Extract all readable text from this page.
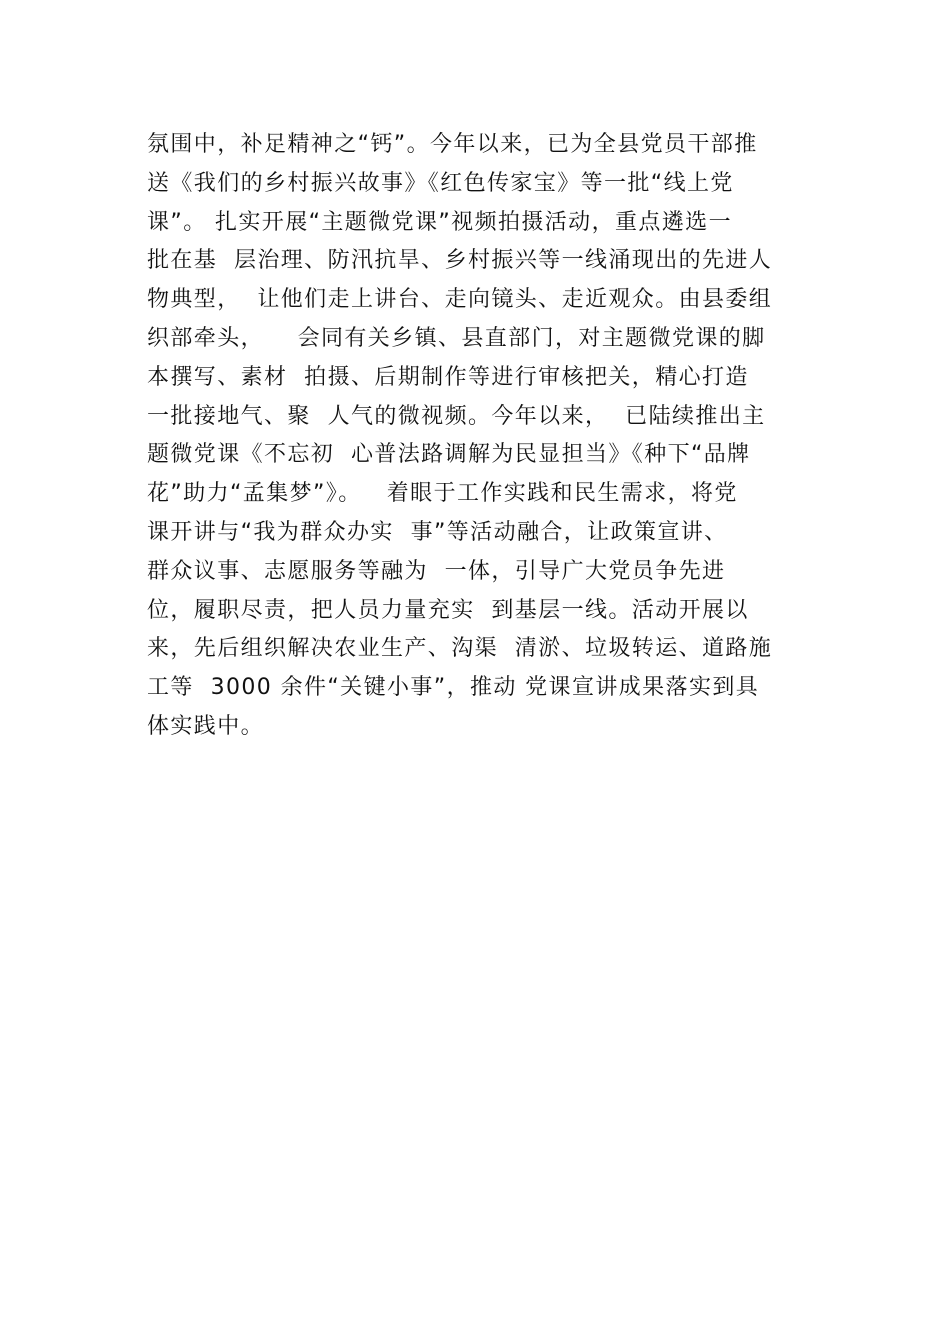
氛围中，补足精神之“钙”。今年以来，已为全县党员干部推
送《我们的乡村振兴故事》《红色传家宝》等一批“线上党
课”。 扎实开展“主题微党课”视频拍摄活动，重点遴选一
批在基  层治理、防汛抗旱、乡村振兴等一线涌现出的先进人
物典型，  让他们走上讲台、走向镜头、走近观众。由县委组
织部牵头，    会同有关乡镇、县直部门，对主题微党课的脚
本撰写、素材  拍摄、后期制作等进行审核把关，精心打造
一批接地气、聚  人气的微视频。今年以来，  已陆续推出主
题微党课《不忘初  心普法路调解为民显担当》《种下“品牌
花”助力“孟集梦”》。   着眼于工作实践和民生需求，将党
课开讲与“我为群众办实  事”等活动融合，让政策宣讲、
群众议事、志愿服务等融为  一体，引导广大党员争先进
位，履职尽责，把人员力量充实  到基层一线。活动开展以
来，先后组织解决农业生产、沟渠  清淤、垃圾转运、道路施
工等  3000 余件“关键小事”，推动 党课宣讲成果落实到具
体实践中。
